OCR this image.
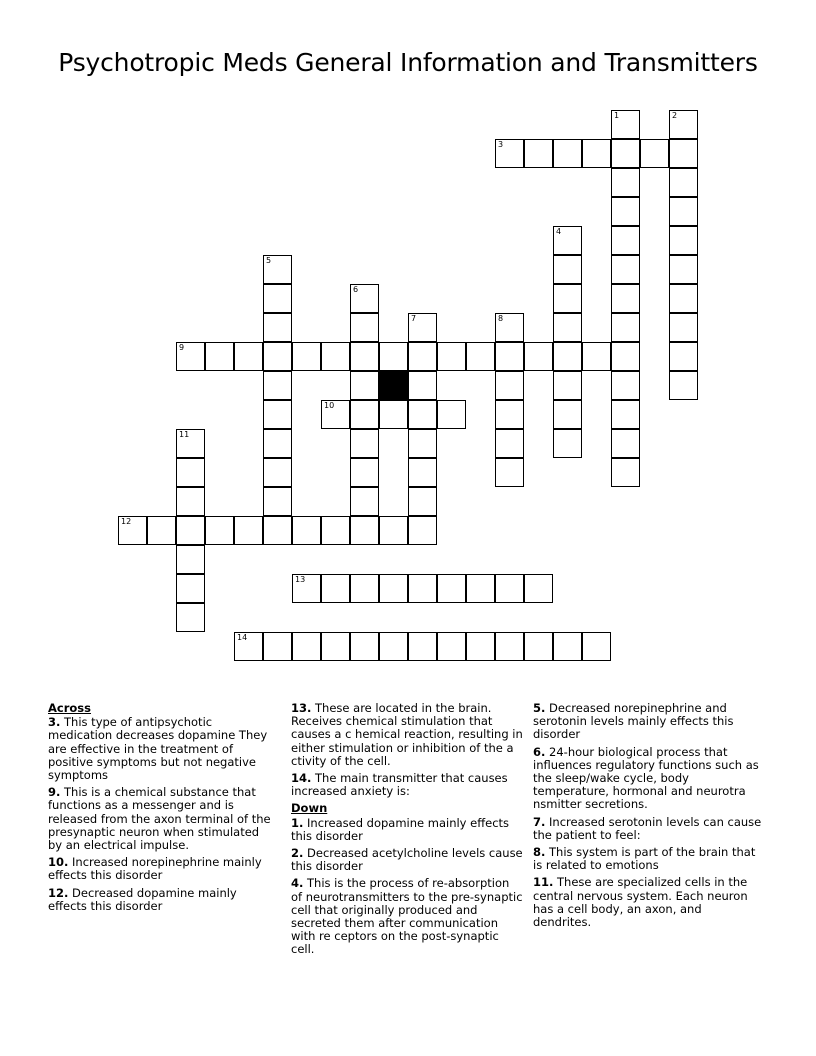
Psychotropic Meds General Information and Transmitters
1	2
3
4
5
6
7	8
9
10
11
12
13
14
Across
3. This type of antipsychotic medication decreases dopamine They are effective in the treatment of positive symptoms but not negative symptoms
9. This is a chemical substance that functions as a messenger and is released from the axon terminal of the presynaptic neuron when stimulated by an electrical impulse.
10. Increased norepinephrine mainly effects this disorder
12. Decreased dopamine mainly effects this disorder
13. These are located in the brain. Receives chemical stimulation that causes a c hemical reaction, resulting in either stimulation or inhibition of the a ctivity of the cell.
14. The main transmitter that causes increased anxiety is:
Down
1. Increased dopamine mainly effects this disorder
2. Decreased acetylcholine levels cause this disorder
4. This is the process of re-absorption of neurotransmitters to the pre-synaptic cell that originally produced and secreted them after communication with re ceptors on the post-synaptic cell.
5. Decreased norepinephrine and serotonin levels mainly effects this disorder
6. 24-hour biological process that influences regulatory functions such as the sleep/wake cycle, body temperature, hormonal and neurotra nsmitter secretions.
7. Increased serotonin levels can cause the patient to feel:
8. This system is part of the brain that is related to emotions
11. These are specialized cells in the central nervous system. Each neuron has a cell body, an axon, and dendrites.
